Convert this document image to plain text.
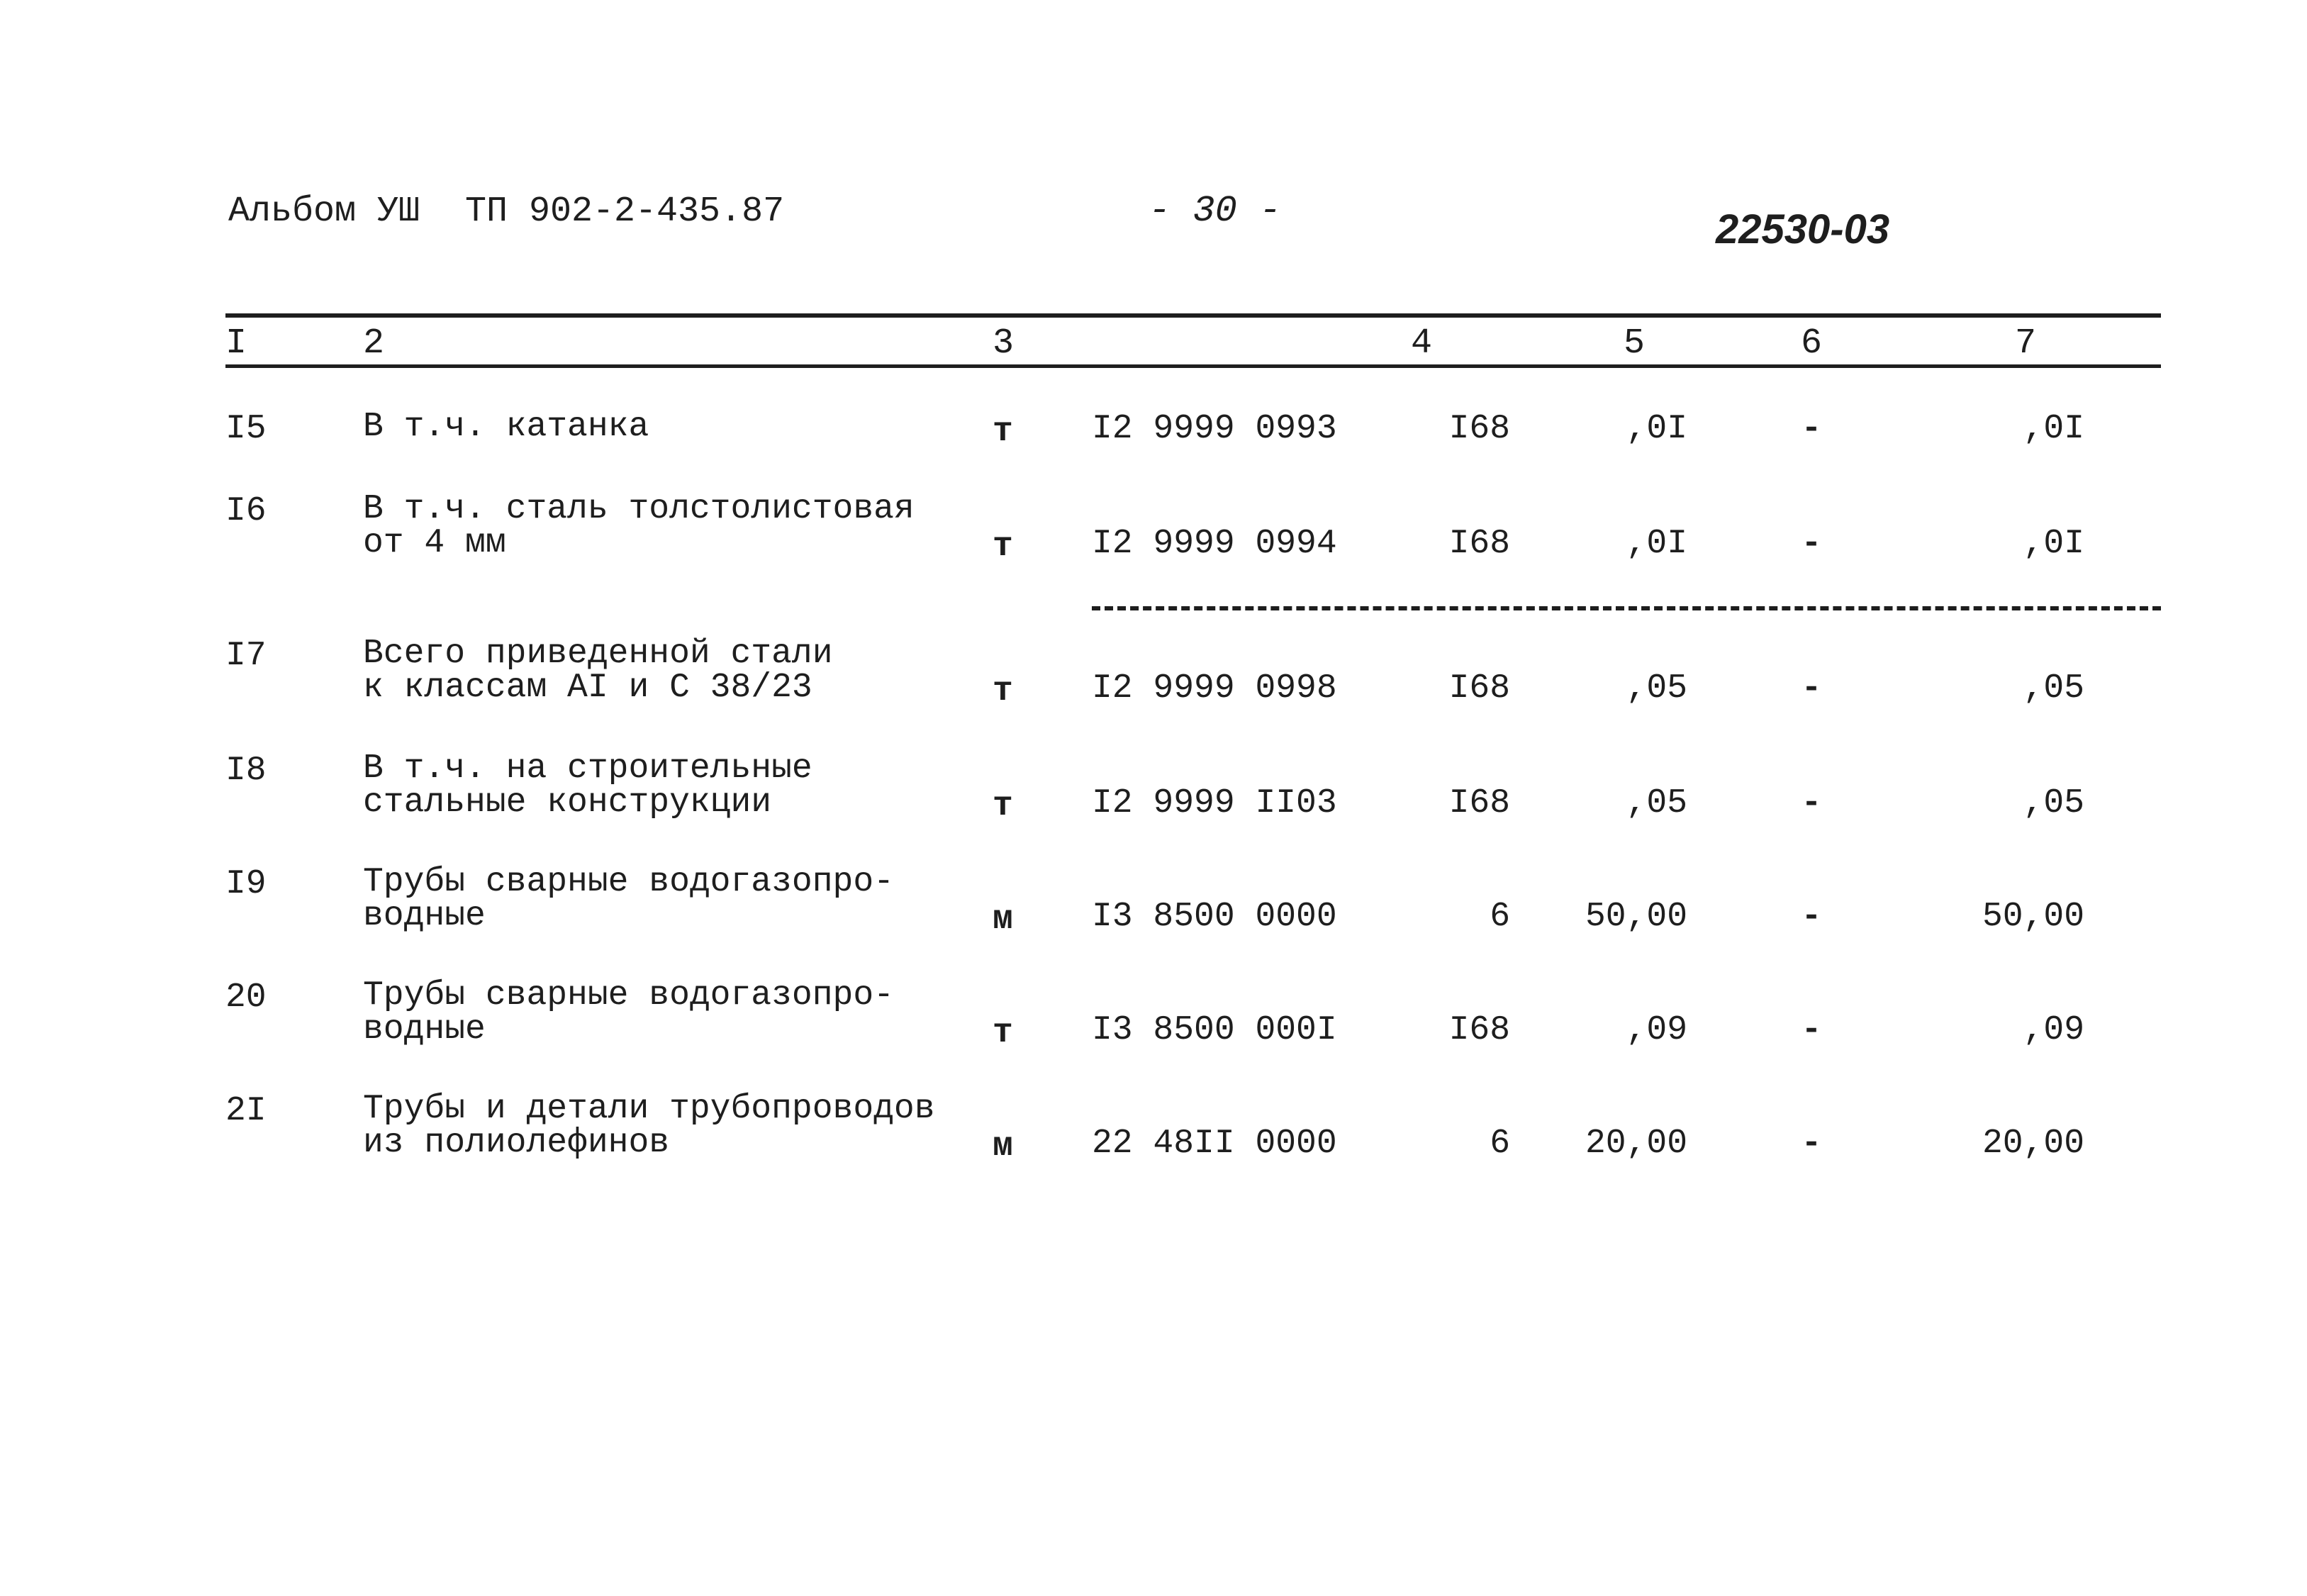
Альбом УШ ТП 902-2-435.87	- 30 -	22530-03
I	2	3	4	5	6	7
I5	В т.ч. катанка	т I2 9999 0993	I68	,0I	-	,0I
I6	В т.ч. сталь толстолистовая
от 4 мм	т I2 9999 0994	I68	,0I	-	,0I
I7	Всего приведенной стали
к классам АI и С 38/23	т I2 9999 0998	I68	,05	-	,05
I8	В т.ч. на строительные
стальные конструкции	т I2 9999 II03	I68	,05	-	,05
I9	Трубы сварные водогазопро-
водные	м I3 8500 0000	6	50,00	-	50,00
20	Трубы сварные водогазопро-
водные	т I3 8500 000I	I68	,09	-	,09
2I	Трубы и детали трубопроводов
из полиолефинов	м 22 48II 0000	6	20,00	-	20,00
